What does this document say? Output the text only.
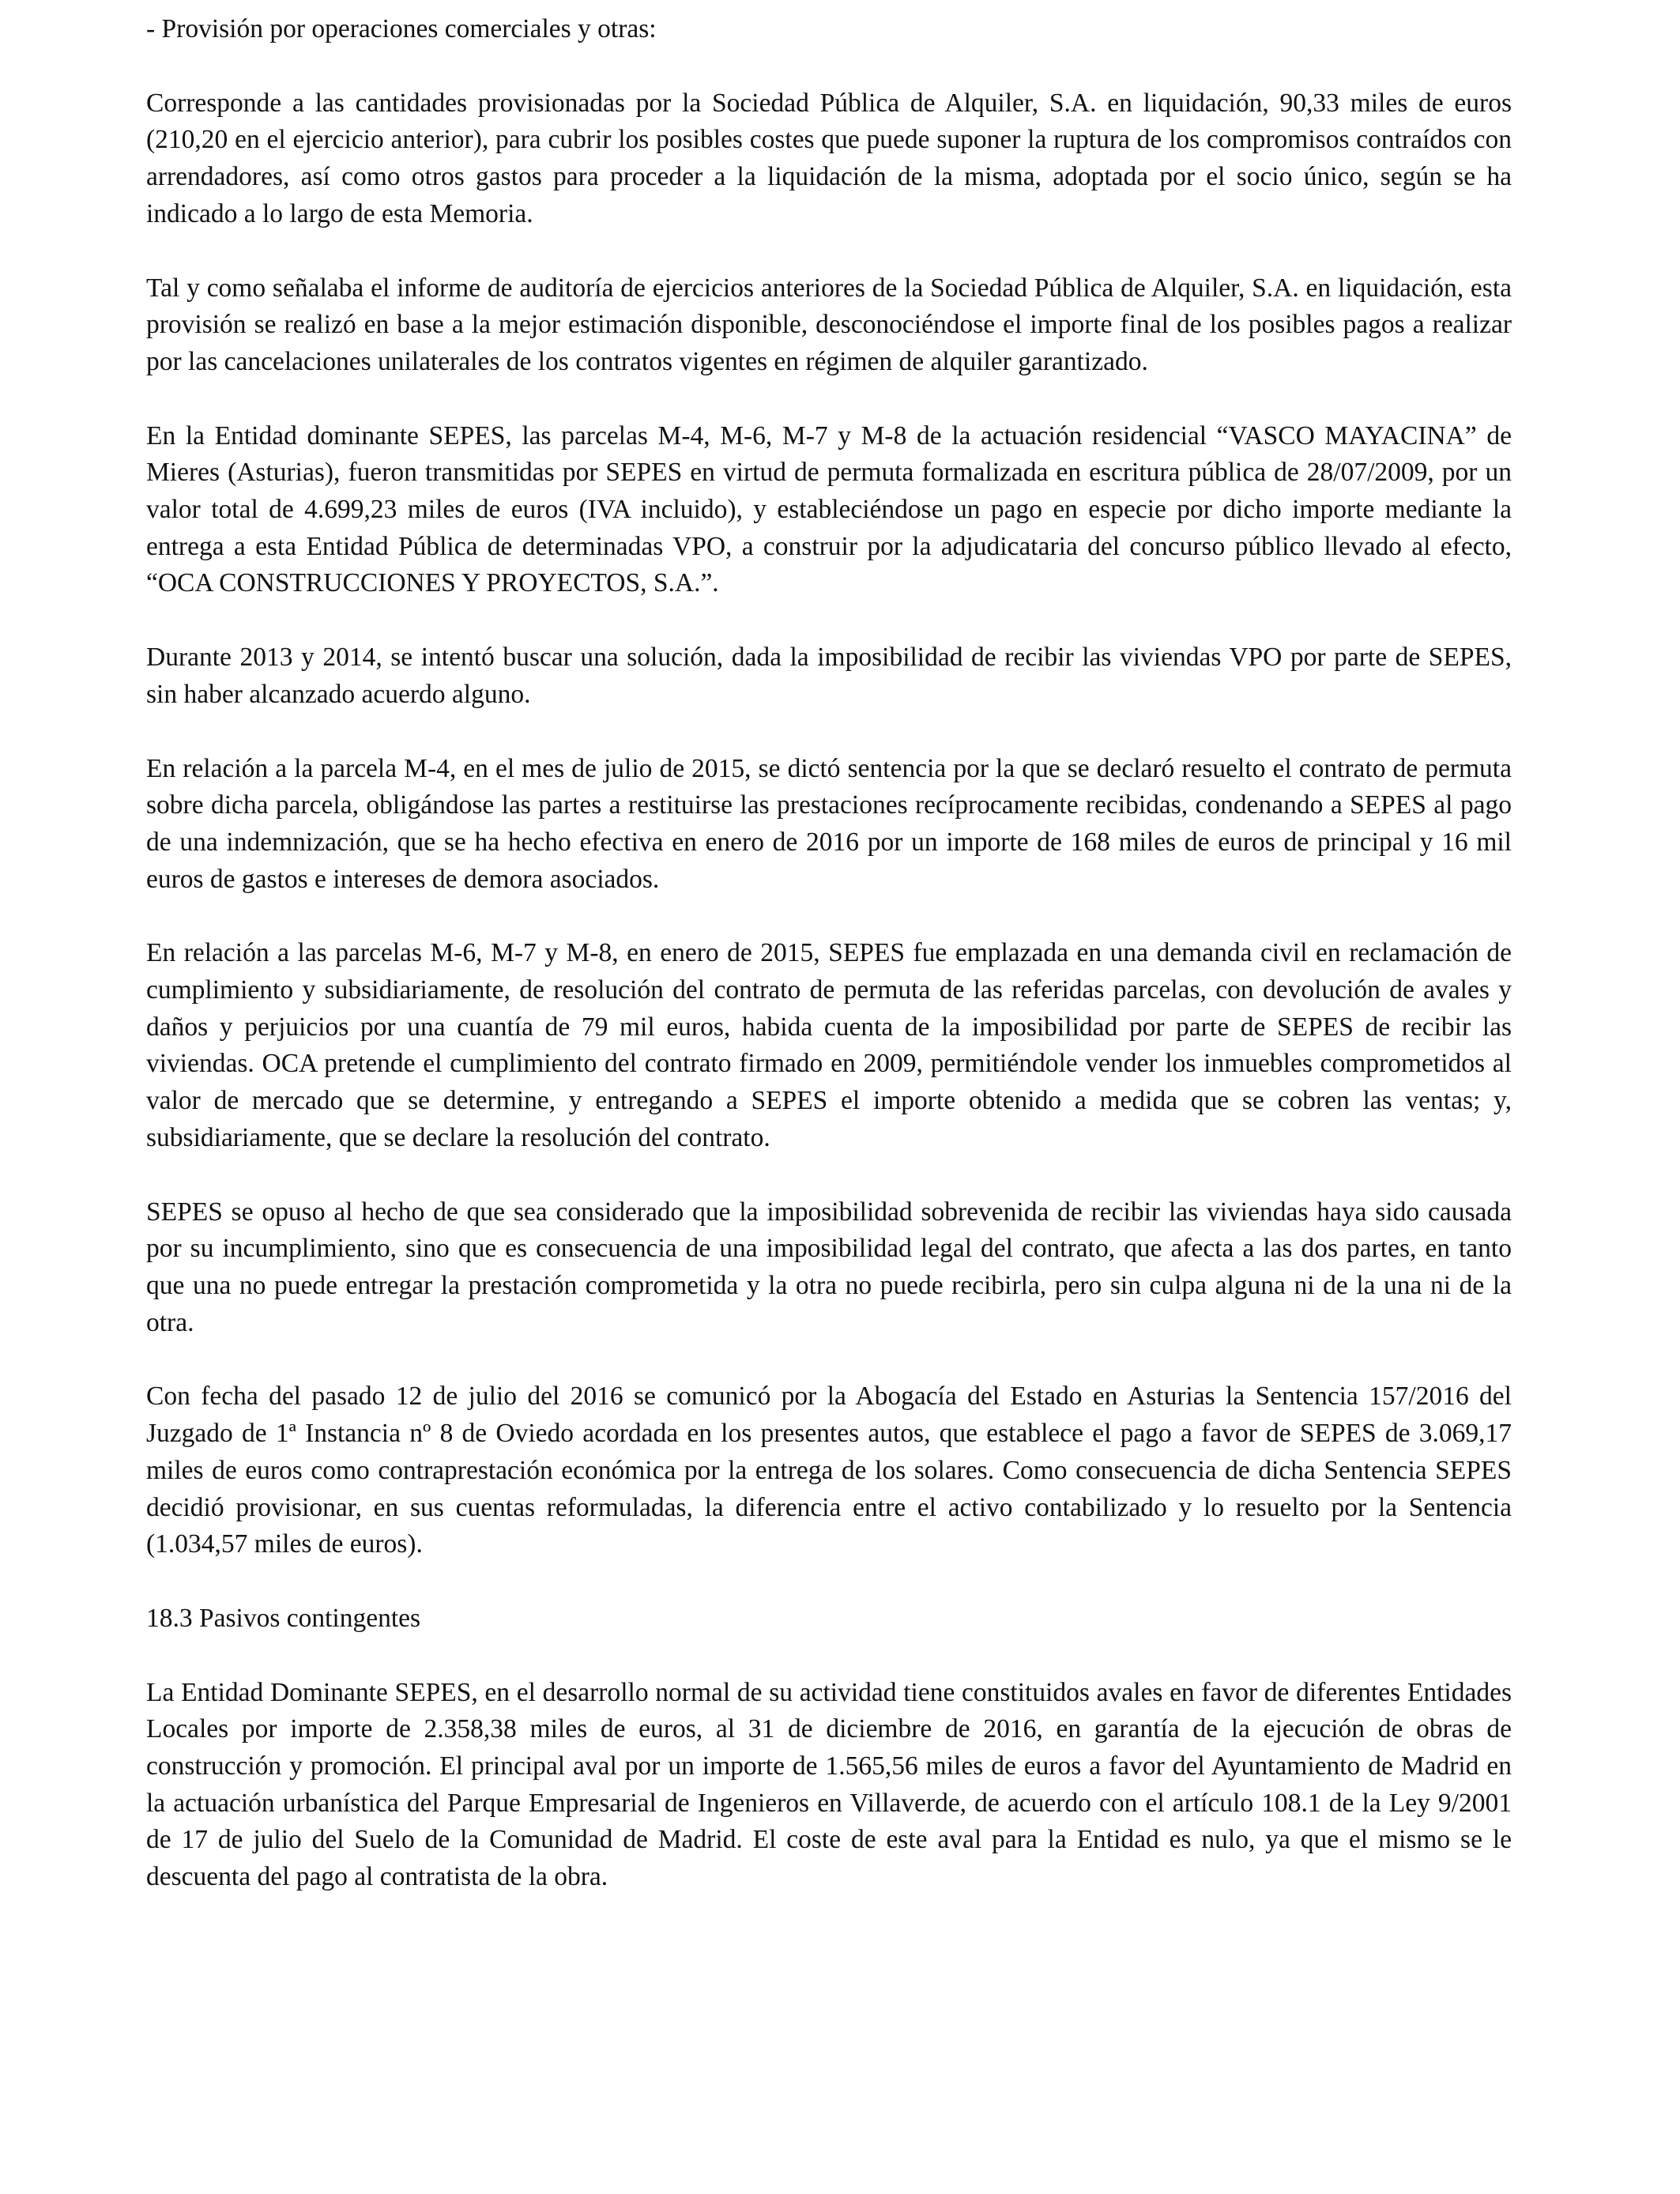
- Provisión por operaciones comerciales y otras:

Corresponde a las cantidades provisionadas por la Sociedad Pública de Alquiler, S.A. en liquidación, 90,33 miles de euros (210,20 en el ejercicio anterior), para cubrir los posibles costes que puede suponer la ruptura de los compromisos contraídos con arrendadores, así como otros gastos para proceder a la liquidación de la misma, adoptada por el socio único, según se ha indicado a lo largo de esta Memoria.

Tal y como señalaba el informe de auditoría de ejercicios anteriores de la Sociedad Pública de Alquiler, S.A. en liquidación, esta provisión se realizó en base a la mejor estimación disponible, desconociéndose el importe final de los posibles pagos a realizar por las cancelaciones unilaterales de los contratos vigentes en régimen de alquiler garantizado.

En la Entidad dominante SEPES, las parcelas M-4, M-6, M-7 y M-8 de la actuación residencial “VASCO MAYACINA” de Mieres (Asturias), fueron transmitidas por SEPES en virtud de permuta formalizada en escritura pública de 28/07/2009, por un valor total de 4.699,23 miles de euros (IVA incluido), y estableciéndose un pago en especie por dicho importe mediante la entrega a esta Entidad Pública de determinadas VPO, a construir por la adjudicataria del concurso público llevado al efecto, “OCA CONSTRUCCIONES Y PROYECTOS, S.A.”.

Durante 2013 y 2014, se intentó buscar una solución, dada la imposibilidad de recibir las viviendas VPO por parte de SEPES, sin haber alcanzado acuerdo alguno.

En relación a la parcela M-4, en el mes de julio de 2015, se dictó sentencia por la que se declaró resuelto el contrato de permuta sobre dicha parcela, obligándose las partes a restituirse las prestaciones recíprocamente recibidas, condenando a SEPES al pago de una indemnización, que se ha hecho efectiva en enero de 2016 por un importe de 168 miles de euros de principal y 16 mil euros de gastos e intereses de demora asociados.

En relación a las parcelas M-6, M-7 y M-8, en enero de 2015, SEPES fue emplazada en una demanda civil en reclamación de cumplimiento y subsidiariamente, de resolución del contrato de permuta de las referidas parcelas, con devolución de avales y daños y perjuicios por una cuantía de 79 mil euros, habida cuenta de la imposibilidad por parte de SEPES de recibir las viviendas. OCA pretende el cumplimiento del contrato firmado en 2009, permitiéndole vender los inmuebles comprometidos al valor de mercado que se determine, y entregando a SEPES el importe obtenido a medida que se cobren las ventas; y, subsidiariamente, que se declare la resolución del contrato.

SEPES se opuso al hecho de que sea considerado que la imposibilidad sobrevenida de recibir las viviendas haya sido causada por su incumplimiento, sino que es consecuencia de una imposibilidad legal del contrato, que afecta a las dos partes, en tanto que una no puede entregar la prestación comprometida y la otra no puede recibirla, pero sin culpa alguna ni de la una ni de la otra.

Con fecha del pasado 12 de julio del 2016 se comunicó por la Abogacía del Estado en Asturias la Sentencia 157/2016 del Juzgado de 1ª Instancia nº 8 de Oviedo acordada en los presentes autos, que establece el pago a favor de SEPES de 3.069,17 miles de euros como contraprestación económica por la entrega de los solares. Como consecuencia de dicha Sentencia SEPES decidió provisionar, en sus cuentas reformuladas, la diferencia entre el activo contabilizado y lo resuelto por la Sentencia (1.034,57 miles de euros).

18.3 Pasivos contingentes

La Entidad Dominante SEPES, en el desarrollo normal de su actividad tiene constituidos avales en favor de diferentes Entidades Locales por importe de 2.358,38 miles de euros, al 31 de diciembre de 2016, en garantía de la ejecución de obras de construcción y promoción. El principal aval por un importe de 1.565,56 miles de euros a favor del Ayuntamiento de Madrid en la actuación urbanística del Parque Empresarial de Ingenieros en Villaverde, de acuerdo con el artículo 108.1 de la Ley 9/2001 de 17 de julio del Suelo de la Comunidad de Madrid. El coste de este aval para la Entidad es nulo, ya que el mismo se le descuenta del pago al contratista de la obra.
